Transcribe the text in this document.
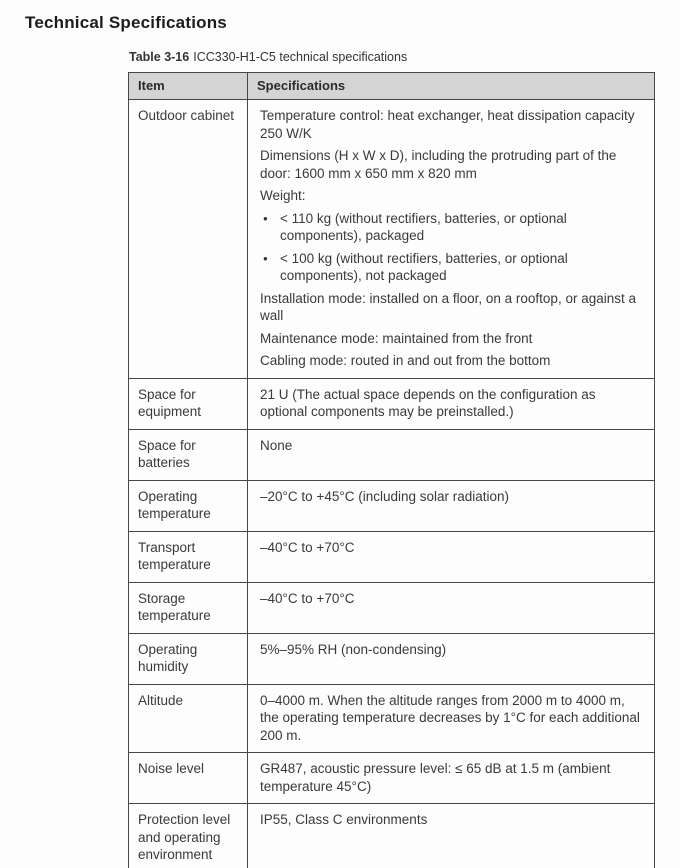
Technical Specifications

Table 3-16 ICC330-H1-C5 technical specifications

Item	Specifications
Outdoor cabinet	Temperature control: heat exchanger, heat dissipation capacity 250 W/K

Dimensions (H x W x D), including the protruding part of the door: 1600 mm x 650 mm x 820 mm

Weight:

● < 110 kg (without rectifiers, batteries, or optional components), packaged
● < 100 kg (without rectifiers, batteries, or optional components), not packaged

Installation mode: installed on a floor, on a rooftop, or against a wall

Maintenance mode: maintained from the front

Cabling mode: routed in and out from the bottom

Space for equipment	21 U (The actual space depends on the configuration as optional components may be preinstalled.)

Space for batteries	None

Operating temperature	–20°C to +45°C (including solar radiation)

Transport temperature	–40°C to +70°C

Storage temperature	–40°C to +70°C

Operating humidity	5%–95% RH (non-condensing)

Altitude	0–4000 m. When the altitude ranges from 2000 m to 4000 m, the operating temperature decreases by 1°C for each additional 200 m.

Noise level	GR487, acoustic pressure level: ≤ 65 dB at 1.5 m (ambient temperature 45°C)

Protection level and operating environment	IP55, Class C environments
